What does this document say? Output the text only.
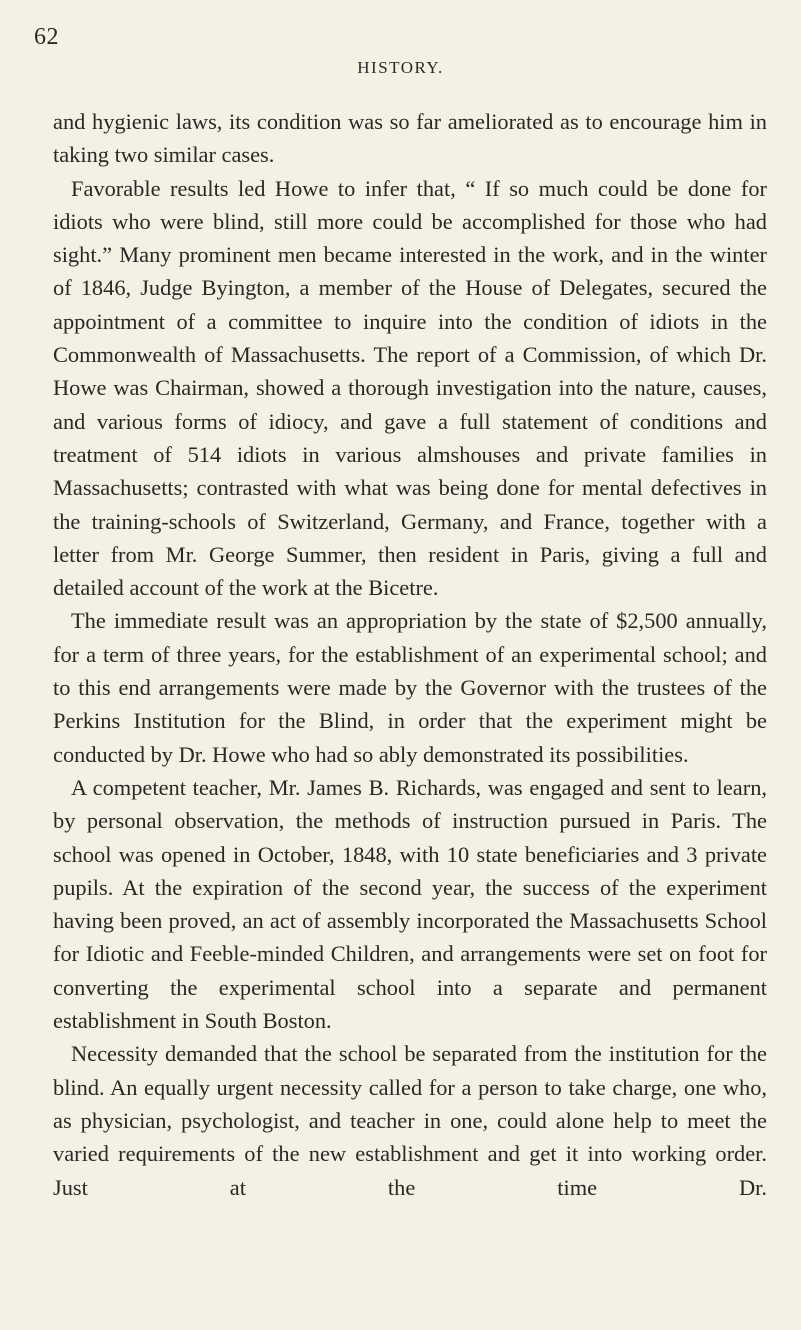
62
HISTORY.

and hygienic laws, its condition was so far ameliorated as to encourage him in taking two similar cases.

Favorable results led Howe to infer that, “ If so much could be done for idiots who were blind, still more could be accomplished for those who had sight.” Many prominent men became interested in the work, and in the winter of 1846, Judge Byington, a member of the House of Delegates, secured the appointment of a committee to inquire into the condition of idiots in the Commonwealth of Massachusetts. The report of a Commission, of which Dr. Howe was Chairman, showed a thorough investigation into the nature, causes, and various forms of idiocy, and gave a full statement of conditions and treatment of 514 idiots in various almshouses and private families in Massachusetts; contrasted with what was being done for mental defectives in the training-schools of Switzerland, Germany, and France, together with a letter from Mr. George Summer, then resident in Paris, giving a full and detailed account of the work at the Bicetre.

The immediate result was an appropriation by the state of $2,500 annually, for a term of three years, for the establishment of an experimental school; and to this end arrangements were made by the Governor with the trustees of the Perkins Institution for the Blind, in order that the experiment might be conducted by Dr. Howe who had so ably demonstrated its possibilities.

A competent teacher, Mr. James B. Richards, was engaged and sent to learn, by personal observation, the methods of instruction pursued in Paris. The school was opened in October, 1848, with 10 state beneficiaries and 3 private pupils. At the expiration of the second year, the success of the experiment having been proved, an act of assembly incorporated the Massachusetts School for Idiotic and Feeble-minded Children, and arrangements were set on foot for converting the experimental school into a separate and permanent establishment in South Boston.

Necessity demanded that the school be separated from the institution for the blind. An equally urgent necessity called for a person to take charge, one who, as physician, psychologist, and teacher in one, could alone help to meet the varied requirements of the new establishment and get it into working order. Just at the time Dr.
